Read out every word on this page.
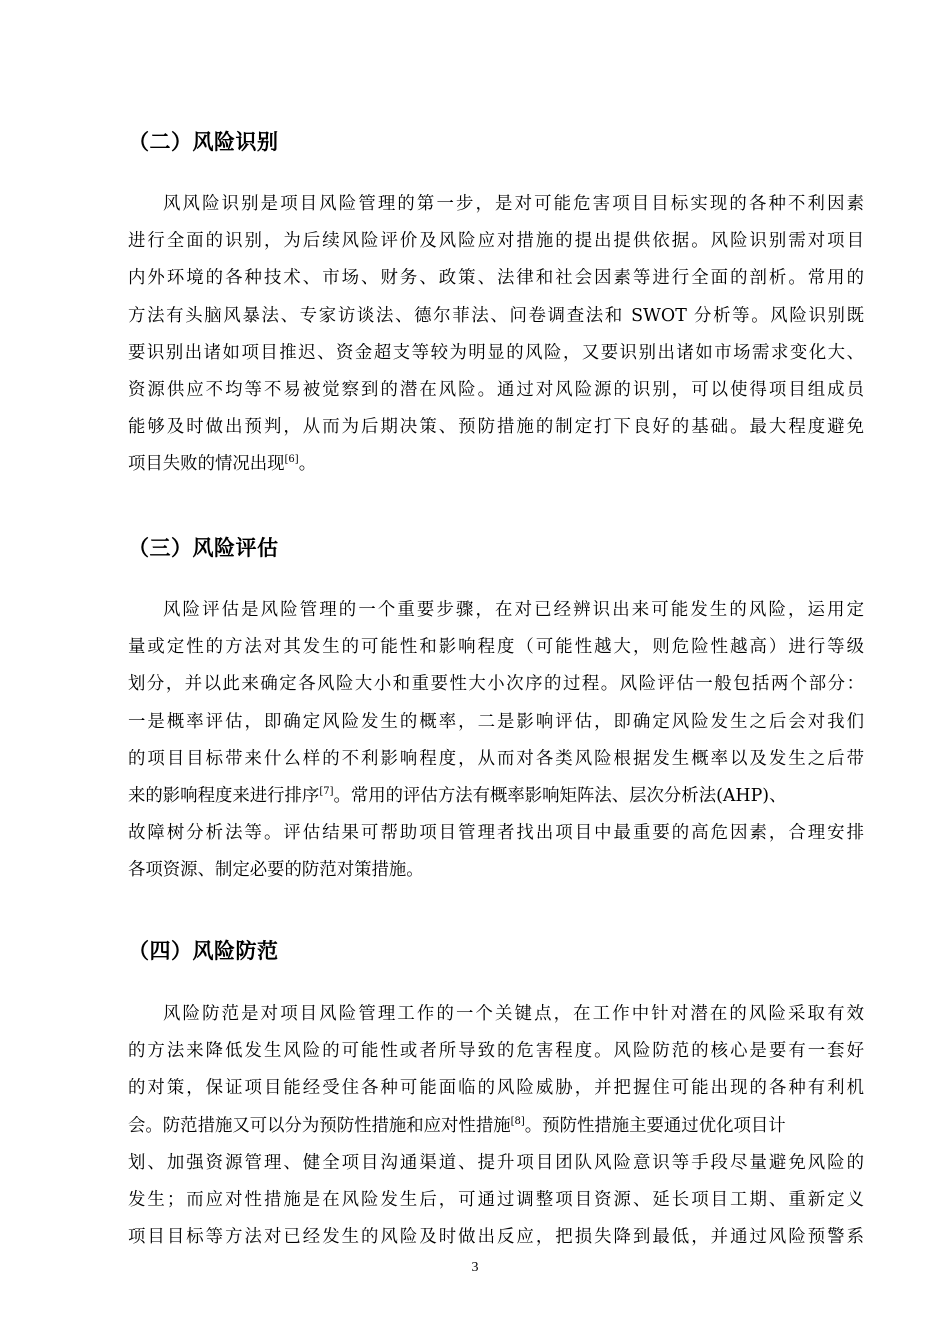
（二）风险识别
风风险识别是项目风险管理的第一步，是对可能危害项目目标实现的各种不利因素
进行全面的识别，为后续风险评价及风险应对措施的提出提供依据。风险识别需对项目
内外环境的各种技术、市场、财务、政策、法律和社会因素等进行全面的剖析。常用的
方法有头脑风暴法、专家访谈法、德尔菲法、问卷调查法和 SWOT 分析等。风险识别既
要识别出诸如项目推迟、资金超支等较为明显的风险，又要识别出诸如市场需求变化大、
资源供应不均等不易被觉察到的潜在风险。通过对风险源的识别，可以使得项目组成员
能够及时做出预判，从而为后期决策、预防措施的制定打下良好的基础。最大程度避免
项目失败的情况出现[6]。
（三）风险评估
风险评估是风险管理的一个重要步骤，在对已经辨识出来可能发生的风险，运用定
量或定性的方法对其发生的可能性和影响程度（可能性越大，则危险性越高）进行等级
划分，并以此来确定各风险大小和重要性大小次序的过程。风险评估一般包括两个部分：
一是概率评估，即确定风险发生的概率，二是影响评估，即确定风险发生之后会对我们
的项目目标带来什么样的不利影响程度，从而对各类风险根据发生概率以及发生之后带
来的影响程度来进行排序[7]。常用的评估方法有概率影响矩阵法、层次分析法(AHP)、
故障树分析法等。评估结果可帮助项目管理者找出项目中最重要的高危因素，合理安排
各项资源、制定必要的防范对策措施。
（四）风险防范
风险防范是对项目风险管理工作的一个关键点，在工作中针对潜在的风险采取有效
的方法来降低发生风险的可能性或者所导致的危害程度。风险防范的核心是要有一套好
的对策，保证项目能经受住各种可能面临的风险威胁，并把握住可能出现的各种有利机
会。防范措施又可以分为预防性措施和应对性措施[8]。预防性措施主要通过优化项目计
划、加强资源管理、健全项目沟通渠道、提升项目团队风险意识等手段尽量避免风险的
发生；而应对性措施是在风险发生后，可通过调整项目资源、延长项目工期、重新定义
项目目标等方法对已经发生的风险及时做出反应，把损失降到最低，并通过风险预警系
3
